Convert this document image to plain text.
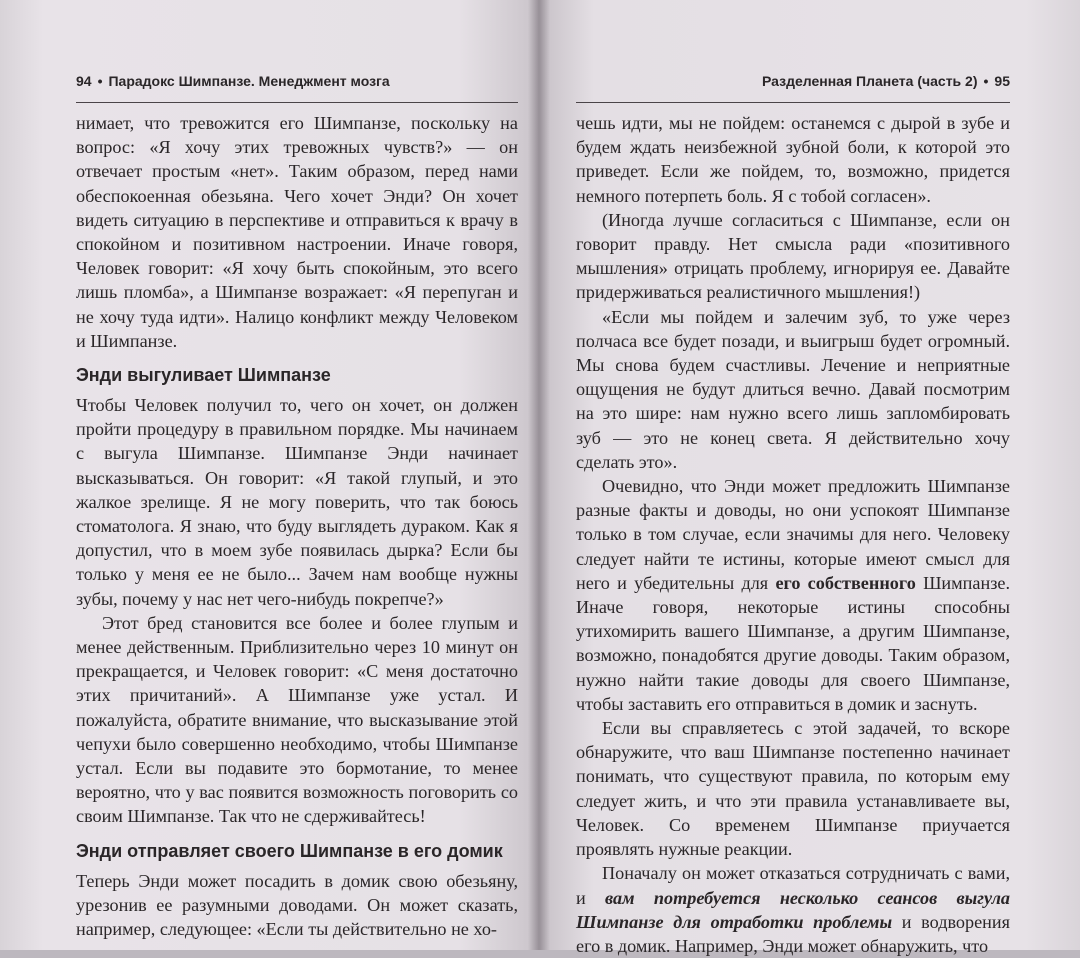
94 • Парадокс Шимпанзе. Менеджмент мозга

нимает, что тревожится его Шимпанзе, поскольку на вопрос: «Я хочу этих тревожных чувств?» — он отвечает простым «нет». Таким образом, перед нами обеспокоенная обезьяна. Чего хочет Энди? Он хочет видеть ситуацию в перспективе и отправиться к врачу в спокойном и позитивном настроении. Иначе говоря, Человек говорит: «Я хочу быть спокойным, это всего лишь пломба», а Шимпанзе возражает: «Я перепуган и не хочу туда идти». Налицо конфликт между Человеком и Шимпанзе.

Энди выгуливает Шимпанзе

Чтобы Человек получил то, чего он хочет, он должен пройти процедуру в правильном порядке. Мы начинаем с выгула Шимпанзе. Шимпанзе Энди начинает высказываться. Он говорит: «Я такой глупый, и это жалкое зрелище. Я не могу поверить, что так боюсь стоматолога. Я знаю, что буду выглядеть дураком. Как я допустил, что в моем зубе появилась дырка? Если бы только у меня ее не было... Зачем нам вообще нужны зубы, почему у нас нет чего-нибудь покрепче?»

Этот бред становится все более и более глупым и менее действенным. Приблизительно через 10 минут он прекращается, и Человек говорит: «С меня достаточно этих причитаний». А Шимпанзе уже устал. И пожалуйста, обратите внимание, что высказывание этой чепухи было совершенно необходимо, чтобы Шимпанзе устал. Если вы подавите это бормотание, то менее вероятно, что у вас появится возможность поговорить со своим Шимпанзе. Так что не сдерживайтесь!

Энди отправляет своего Шимпанзе в его домик

Теперь Энди может посадить в домик свою обезьяну, урезонив ее разумными доводами. Он может сказать, например, следующее: «Если ты действительно не хо-

Разделенная Планета (часть 2) • 95

чешь идти, мы не пойдем: останемся с дырой в зубе и будем ждать неизбежной зубной боли, к которой это приведет. Если же пойдем, то, возможно, придется немного потерпеть боль. Я с тобой согласен».

(Иногда лучше согласиться с Шимпанзе, если он говорит правду. Нет смысла ради «позитивного мышления» отрицать проблему, игнорируя ее. Давайте придерживаться реалистичного мышления!)

«Если мы пойдем и залечим зуб, то уже через полчаса все будет позади, и выигрыш будет огромный. Мы снова будем счастливы. Лечение и неприятные ощущения не будут длиться вечно. Давай посмотрим на это шире: нам нужно всего лишь запломбировать зуб — это не конец света. Я действительно хочу сделать это».

Очевидно, что Энди может предложить Шимпанзе разные факты и доводы, но они успокоят Шимпанзе только в том случае, если значимы для него. Человеку следует найти те истины, которые имеют смысл для него и убедительны для его собственного Шимпанзе. Иначе говоря, некоторые истины способны утихомирить вашего Шимпанзе, а другим Шимпанзе, возможно, понадобятся другие доводы. Таким образом, нужно найти такие доводы для своего Шимпанзе, чтобы заставить его отправиться в домик и заснуть.

Если вы справляетесь с этой задачей, то вскоре обнаружите, что ваш Шимпанзе постепенно начинает понимать, что существуют правила, по которым ему следует жить, и что эти правила устанавливаете вы, Человек. Со временем Шимпанзе приучается проявлять нужные реакции.

Поначалу он может отказаться сотрудничать с вами, и вам потребуется несколько сеансов выгула Шимпанзе для отработки проблемы и водворения его в домик. Например, Энди может обнаружить, что
